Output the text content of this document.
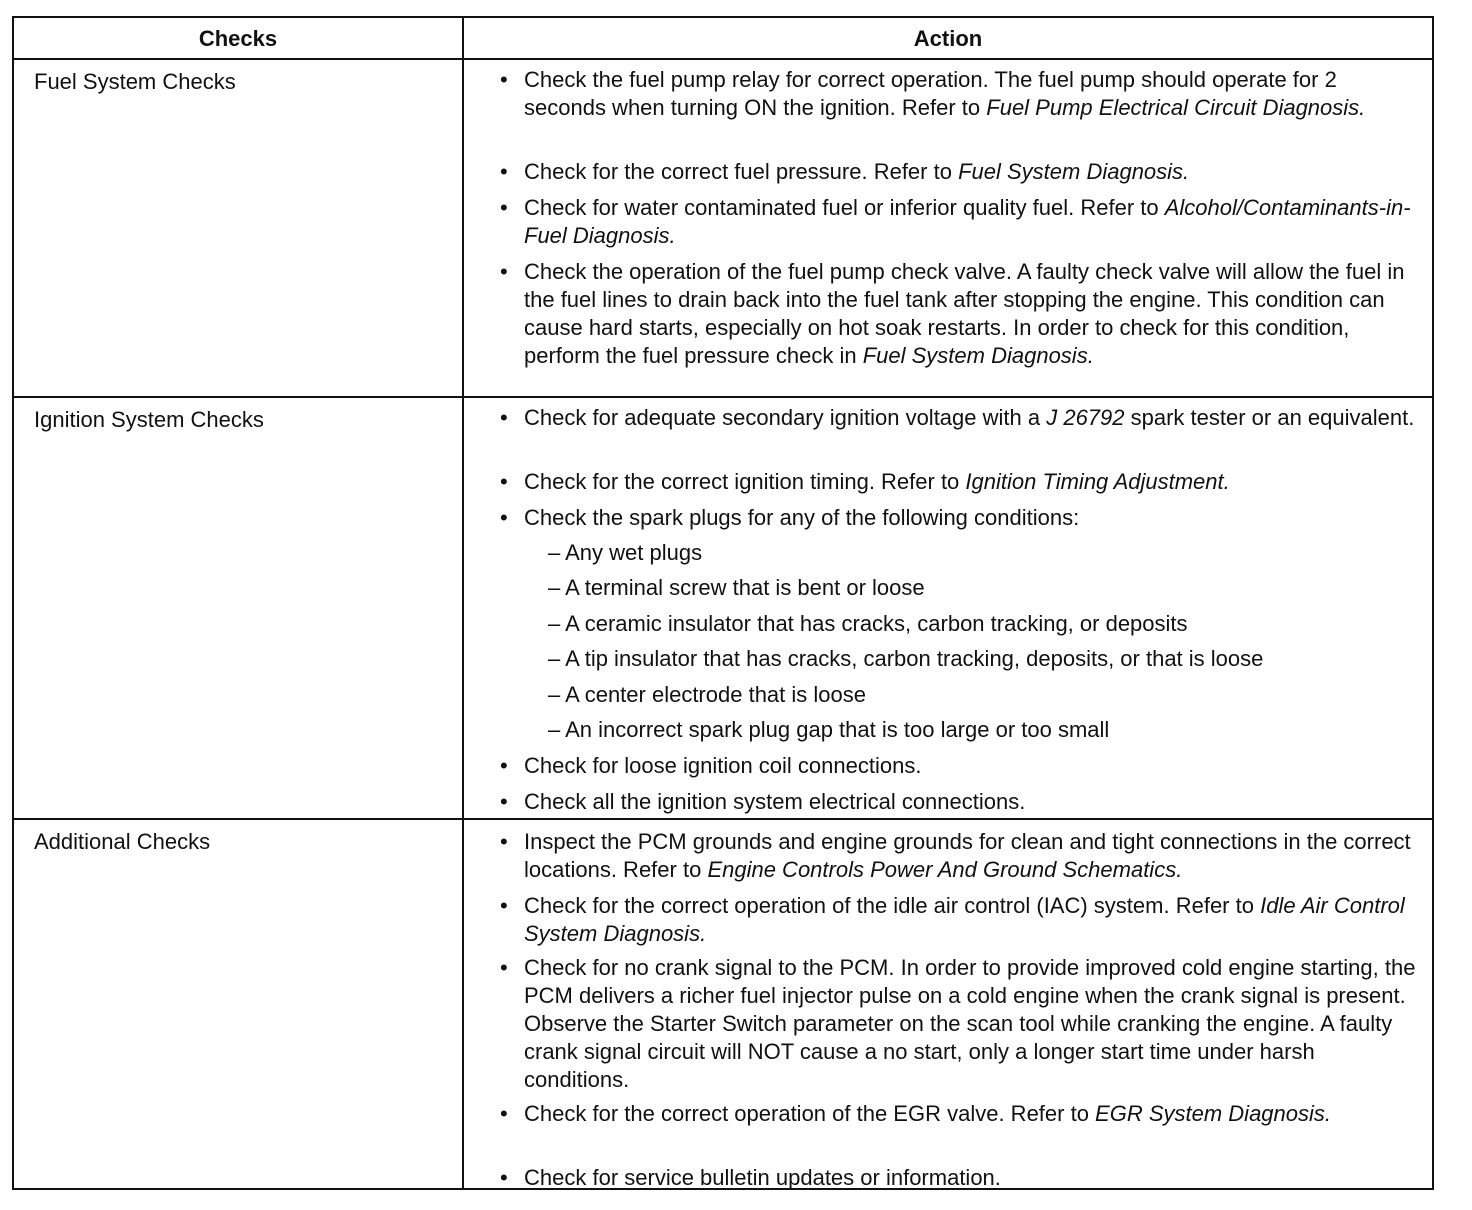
Checks	Action
Fuel System Checks	• Check the fuel pump relay for correct operation. The fuel pump should operate for 2 seconds when turning ON the ignition. Refer to Fuel Pump Electrical Circuit Diagnosis.
• Check for the correct fuel pressure. Refer to Fuel System Diagnosis.
• Check for water contaminated fuel or inferior quality fuel. Refer to Alcohol/Contaminants-in-Fuel Diagnosis.
• Check the operation of the fuel pump check valve. A faulty check valve will allow the fuel in the fuel lines to drain back into the fuel tank after stopping the engine. This condition can cause hard starts, especially on hot soak restarts. In order to check for this condition, perform the fuel pressure check in Fuel System Diagnosis.
Ignition System Checks	• Check for adequate secondary ignition voltage with a J 26792 spark tester or an equivalent.
• Check for the correct ignition timing. Refer to Ignition Timing Adjustment.
• Check the spark plugs for any of the following conditions:
– Any wet plugs
– A terminal screw that is bent or loose
– A ceramic insulator that has cracks, carbon tracking, or deposits
– A tip insulator that has cracks, carbon tracking, deposits, or that is loose
– A center electrode that is loose
– An incorrect spark plug gap that is too large or too small
• Check for loose ignition coil connections.
• Check all the ignition system electrical connections.
Additional Checks	• Inspect the PCM grounds and engine grounds for clean and tight connections in the correct locations. Refer to Engine Controls Power And Ground Schematics.
• Check for the correct operation of the idle air control (IAC) system. Refer to Idle Air Control System Diagnosis.
• Check for no crank signal to the PCM. In order to provide improved cold engine starting, the PCM delivers a richer fuel injector pulse on a cold engine when the crank signal is present. Observe the Starter Switch parameter on the scan tool while cranking the engine. A faulty crank signal circuit will NOT cause a no start, only a longer start time under harsh conditions.
• Check for the correct operation of the EGR valve. Refer to EGR System Diagnosis.
• Check for service bulletin updates or information.
